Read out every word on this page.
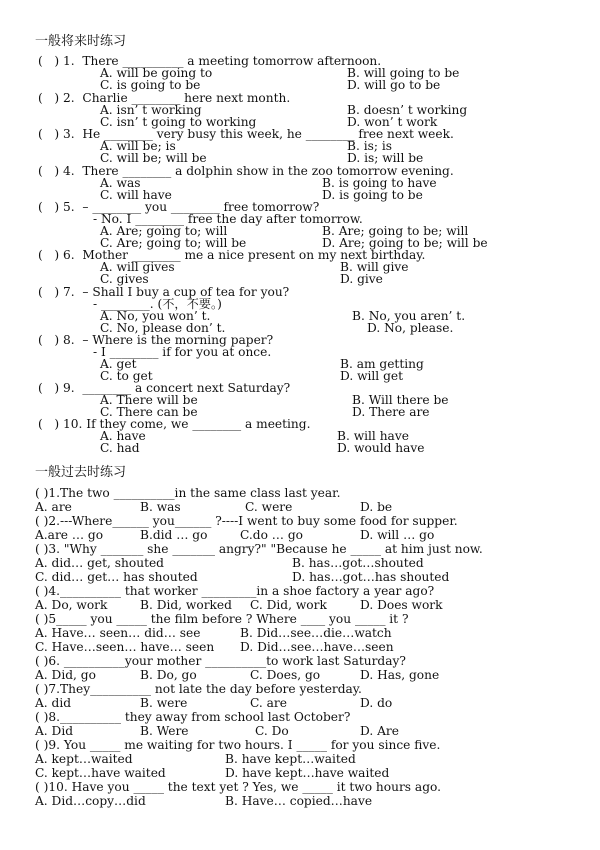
一般将来时练习
(   ) 1.  There __________ a meeting tomorrow afternoon.
A. will be going to	B. will going to be
C. is going to be	D. will go to be
(   ) 2.  Charlie ________ here next month.
A. isn’ t working	B. doesn’ t working
C. isn’ t going to working	D. won’ t work
(   ) 3.  He ________ very busy this week, he ________ free next week.
A. will be; is	B. is; is
C. will be; will be	D. is; will be
(   ) 4.  There ________ a dolphin show in the zoo tomorrow evening.
A. was	B. is going to have
C. will have	D. is going to be
(   ) 5.  – ________ you ________ free tomorrow?
- No. I ________ free the day after tomorrow.
A. Are; going to; will	B. Are; going to be; will
C. Are; going to; will be	D. Are; going to be; will be
(   ) 6.  Mother ________ me a nice present on my next birthday.
A. will gives	B. will give
C. gives	D. give
(   ) 7.  – Shall I buy a cup of tea for you?
- ________. (不，不要。)
A. No, you won’ t.	B. No, you aren’ t.
C. No, please don’ t.	D. No, please.
(   ) 8.  – Where is the morning paper?
- I ________ if for you at once.
A. get	B. am getting
C. to get	D. will get
(   ) 9.  ________ a concert next Saturday?
A. There will be	B. Will there be
C. There can be	D. There are
(   ) 10. If they come, we ________ a meeting.
A. have	B. will have
C. had	D. would have
一般过去时练习
( )1.The two __________in the same class last year.
A. are	B. was	C. were	D. be
( )2.---Where______ you______ ?----I went to buy some food for supper.
A.are … go	B.did … go	C.do … go	D. will … go
( )3. "Why _______ she _______ angry?" "Because he _____ at him just now.
A. did… get, shouted	B. has…got…shouted
C. did… get… has shouted	D. has…got…has shouted
( )4.__________ that worker _________in a shoe factory a year ago?
A. Do, work	B. Did, worked C. Did, work	D. Does work
( )5_____ you _____ the film before ? Where ____ you _____ it ?
A. Have… seen… did… see	B. Did…see…die…watch
C. Have…seen… have… seen D. Did…see…have…seen
( )6. __________your mother __________to work last Saturday?
A. Did, go	B. Do, go	C. Does, go	D. Has, gone
( )7.They__________ not late the day before yesterday.
A. did	B. were	C. are	D. do
( )8.__________ they away from school last October?
A. Did	B. Were	C. Do	D. Are
( )9. You _____ me waiting for two hours. I _____ for you since five.
A. kept…waited	B. have kept…waited
C. kept…have waited	D. have kept…have waited
( )10. Have you _____ the text yet ? Yes, we _____ it two hours ago.
A. Did…copy…did	B. Have… copied…have
